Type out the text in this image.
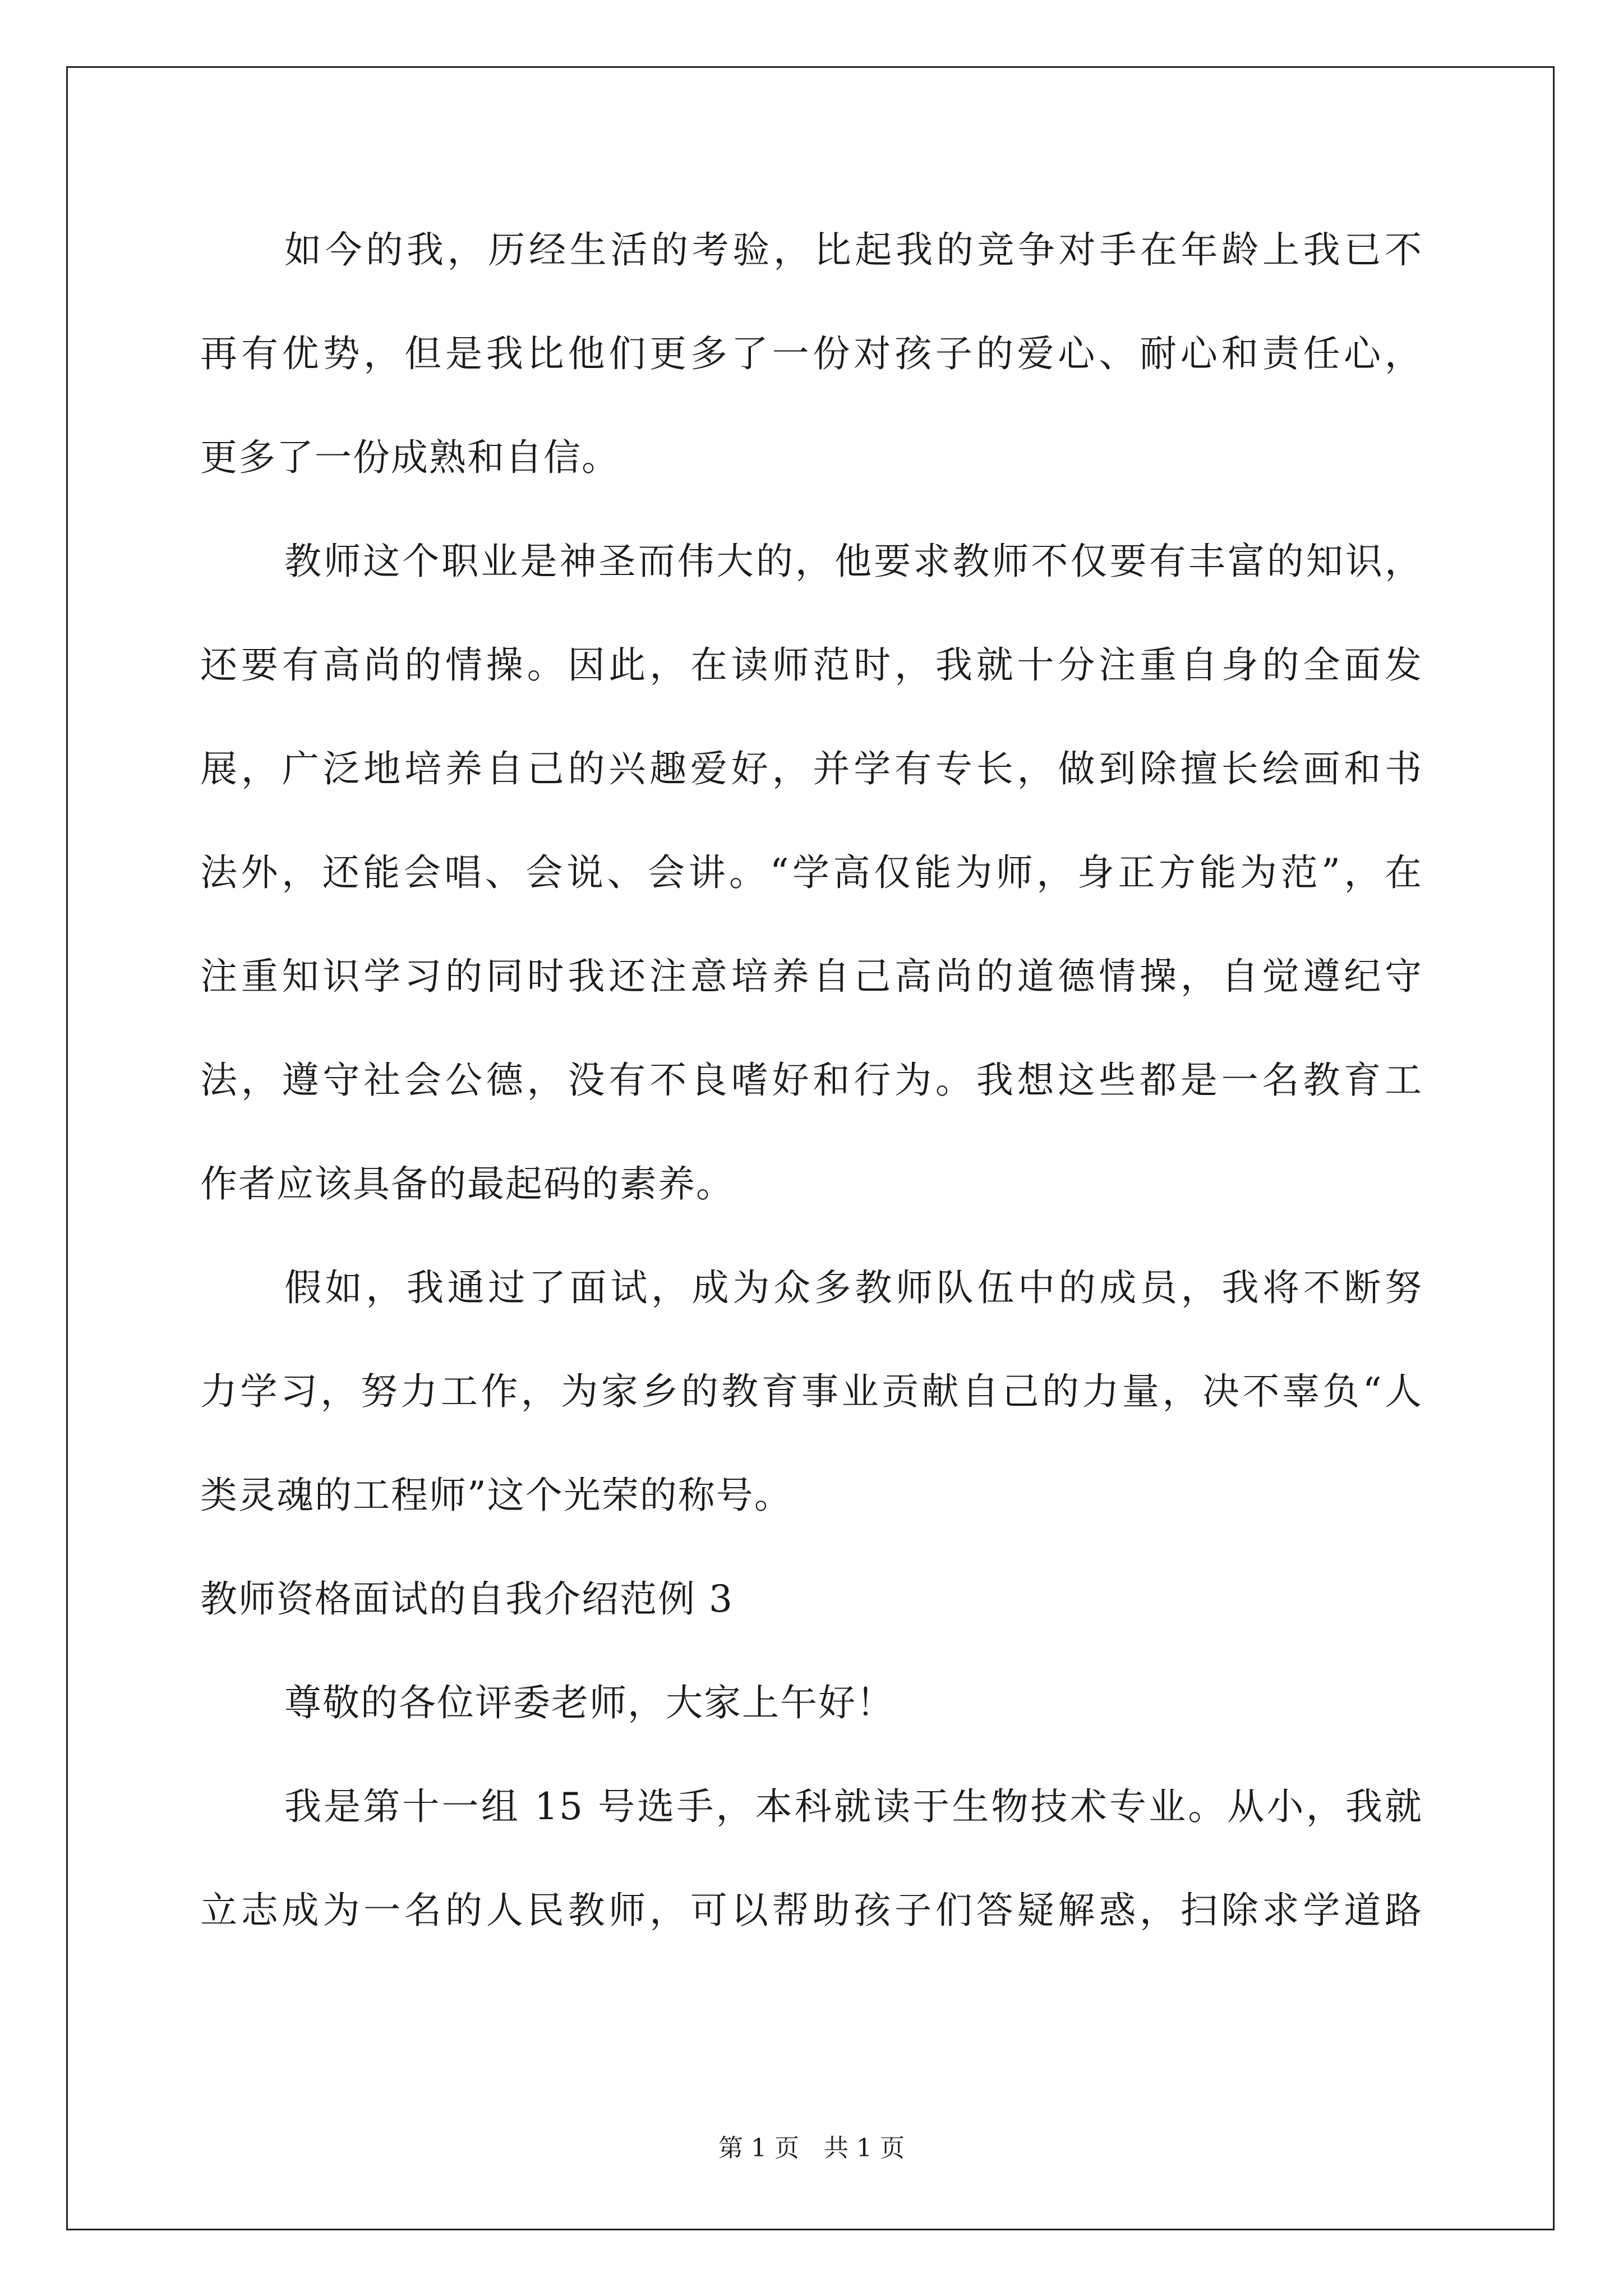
如今的我，历经生活的考验，比起我的竞争对手在年龄上我已不
再有优势，但是我比他们更多了一份对孩子的爱心、耐心和责任心，
更多了一份成熟和自信。
教师这个职业是神圣而伟大的，他要求教师不仅要有丰富的知识，
还要有高尚的情操。因此，在读师范时，我就十分注重自身的全面发
展，广泛地培养自己的兴趣爱好，并学有专长，做到除擅长绘画和书
法外，还能会唱、会说、会讲。“学高仅能为师，身正方能为范”，在
注重知识学习的同时我还注意培养自己高尚的道德情操，自觉遵纪守
法，遵守社会公德，没有不良嗜好和行为。我想这些都是一名教育工
作者应该具备的最起码的素养。
假如，我通过了面试，成为众多教师队伍中的成员，我将不断努
力学习，努力工作，为家乡的教育事业贡献自己的力量，决不辜负“人
类灵魂的工程师”这个光荣的称号。
教师资格面试的自我介绍范例 3
尊敬的各位评委老师，大家上午好！
我是第十一组 15 号选手，本科就读于生物技术专业。从小，我就
立志成为一名的人民教师，可以帮助孩子们答疑解惑，扫除求学道路
第 1 页　共 1 页
